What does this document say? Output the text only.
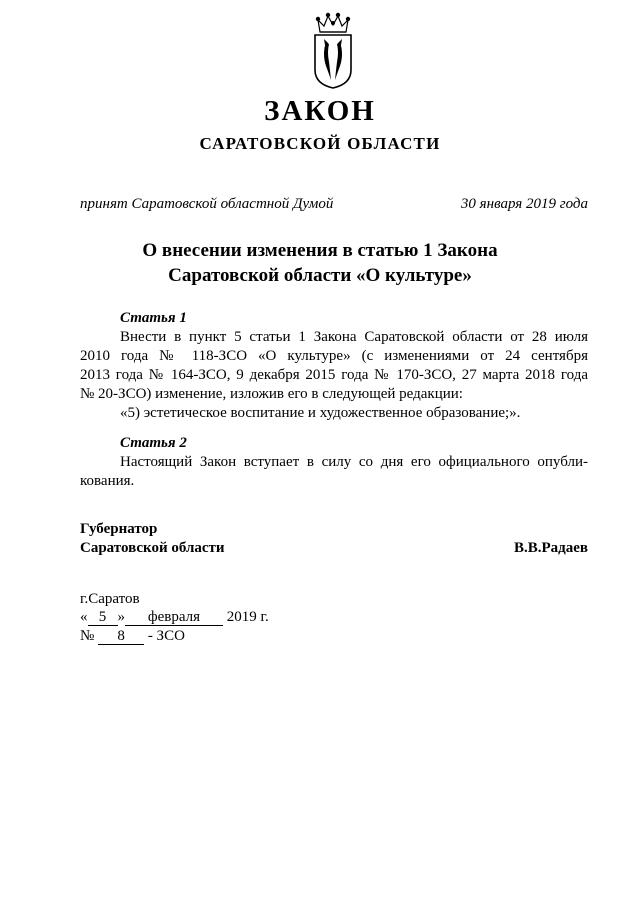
ЗАКОН
САРАТОВСКОЙ ОБЛАСТИ
принят Саратовской областной Думой	30 января 2019 года
О внесении изменения в статью 1 Закона
Саратовской области «О культуре»
Статья 1
Внести в пункт 5 статьи 1 Закона Саратовской области от 28 июля
2010 года № 118-ЗСО «О культуре» (с изменениями от 24 сентября
2013 года № 164-ЗСО, 9 декабря 2015 года № 170-ЗСО, 27 марта 2018 года
№ 20-ЗСО) изменение, изложив его в следующей редакции:
«5) эстетическое воспитание и художественное образование;».
Статья 2
Настоящий Закон вступает в силу со дня его официального опубли-
кования.
Губернатор
Саратовской области	В.В.Радаев
г.Саратов
« 5 » февраля 2019 г.
№ 8 - ЗСО
